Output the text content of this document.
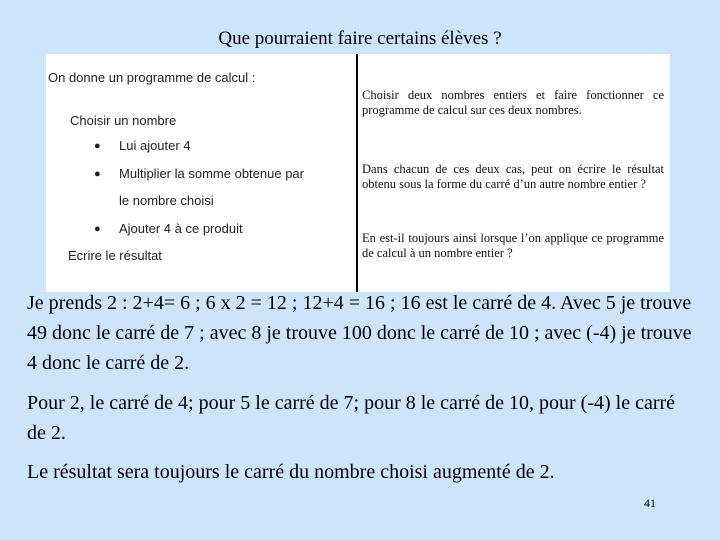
Que pourraient faire certains élèves ?
On donne un programme de calcul :
Choisir un nombre
● Lui ajouter 4
● Multiplier la somme obtenue par
le nombre choisi
● Ajouter 4 à ce produit
Ecrire le résultat

Choisir deux nombres entiers et faire fonctionner ce programme de calcul sur ces deux nombres.

Dans chacun de ces deux cas, peut on écrire le résultat obtenu sous la forme du carré d’un autre nombre entier ?

En est-il toujours ainsi lorsque l’on applique ce programme de calcul à un nombre entier ?

Je prends 2 : 2+4= 6 ; 6 x 2 = 12 ; 12+4 = 16 ; 16 est le carré de 4. Avec 5 je trouve 49 donc le carré de 7 ; avec 8 je trouve 100 donc le carré de 10 ; avec (-4) je trouve 4 donc le carré de 2.
Pour 2, le carré de 4; pour 5 le carré de 7; pour 8 le carré de 10, pour (-4) le carré de 2.
Le résultat sera toujours le carré du nombre choisi augmenté de 2.
41
